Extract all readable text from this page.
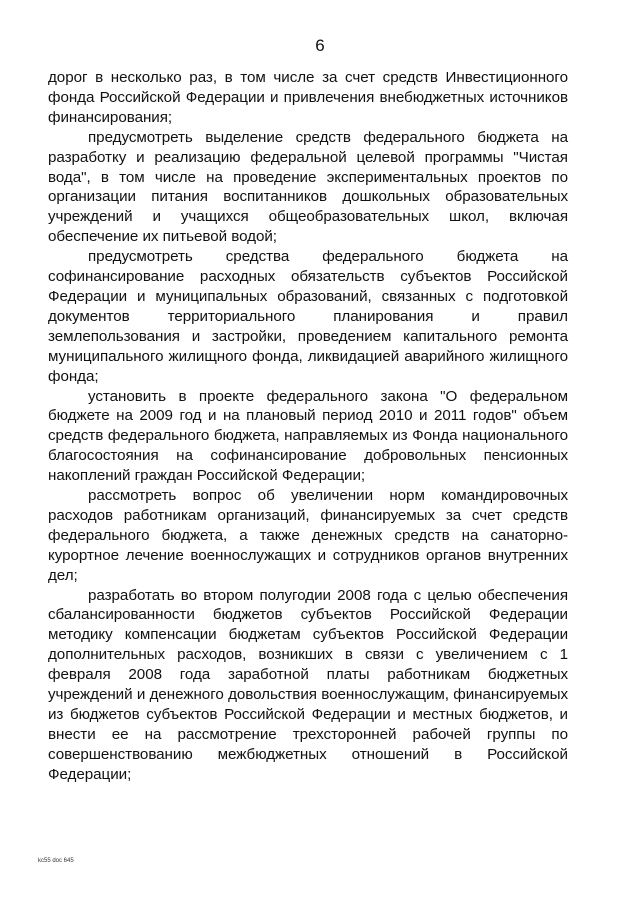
6

дорог в несколько раз, в том числе за счет средств Инвестиционного фонда Российской Федерации и привлечения внебюджетных источников финансирования;

предусмотреть выделение средств федерального бюджета на разработку и реализацию федеральной целевой программы "Чистая вода", в том числе на проведение экспериментальных проектов по организации питания воспитанников дошкольных образовательных учреждений и учащихся общеобразовательных школ, включая обеспечение их питьевой водой;

предусмотреть средства федерального бюджета на софинансирование расходных обязательств субъектов Российской Федерации и муниципальных образований, связанных с подготовкой документов территориального планирования и правил землепользования и застройки, проведением капитального ремонта муниципального жилищного фонда, ликвидацией аварийного жилищного фонда;

установить в проекте федерального закона "О федеральном бюджете на 2009 год и на плановый период 2010 и 2011 годов" объем средств федерального бюджета, направляемых из Фонда национального благосостояния на софинансирование добровольных пенсионных накоплений граждан Российской Федерации;

рассмотреть вопрос об увеличении норм командировочных расходов работникам организаций, финансируемых за счет средств федерального бюджета, а также денежных средств на санаторно-курортное лечение военнослужащих и сотрудников органов внутренних дел;

разработать во втором полугодии 2008 года с целью обеспечения сбалансированности бюджетов субъектов Российской Федерации методику компенсации бюджетам субъектов Российской Федерации дополнительных расходов, возникших в связи с увеличением с 1 февраля 2008 года заработной платы работникам бюджетных учреждений и денежного довольствия военнослужащим, финансируемых из бюджетов субъектов Российской Федерации и местных бюджетов, и внести ее на рассмотрение трехсторонней рабочей группы по совершенствованию межбюджетных отношений в Российской Федерации;

kc55 doc 645
